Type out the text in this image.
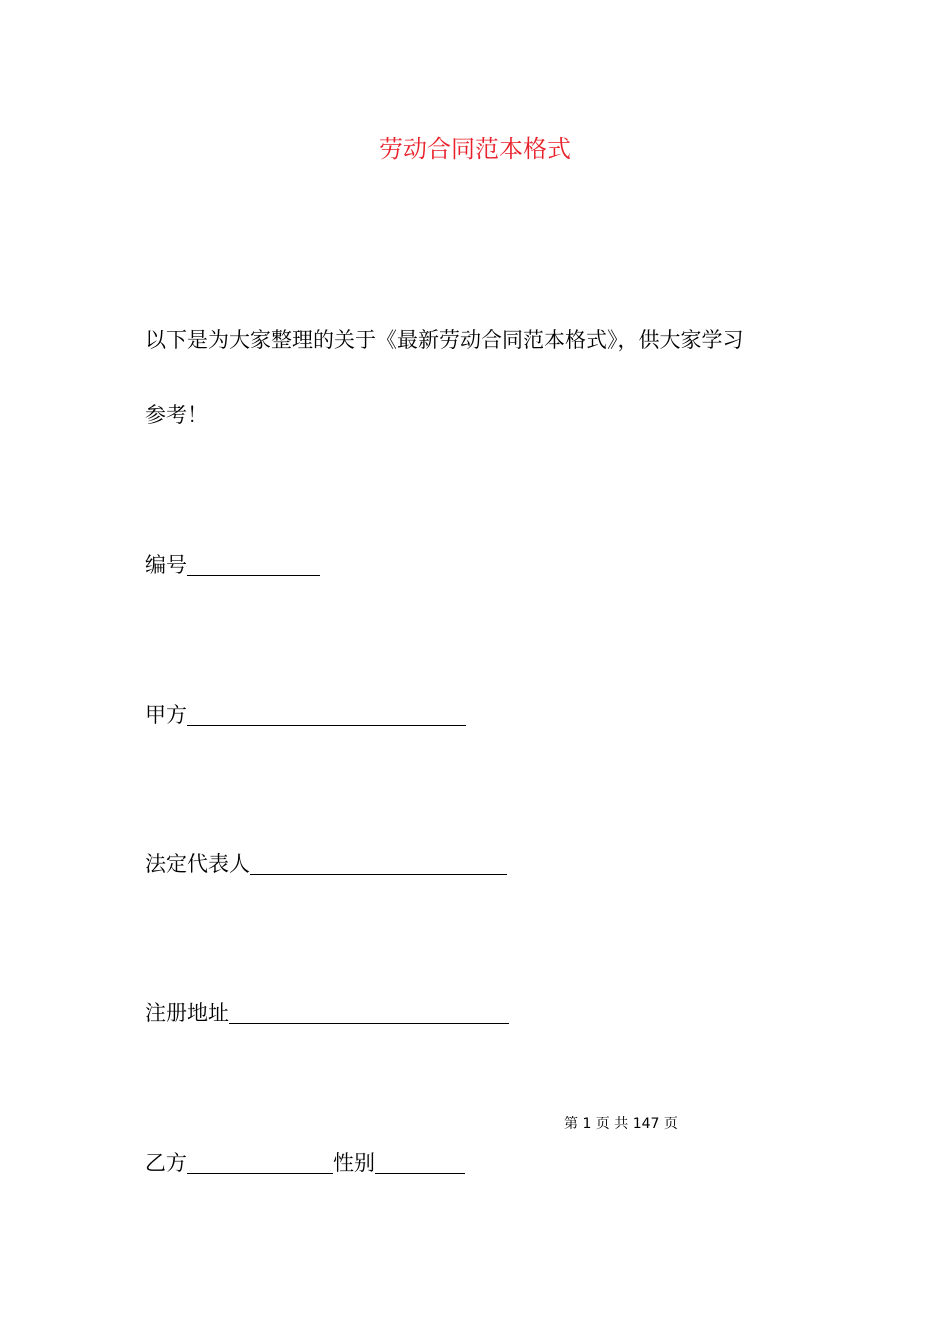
劳动合同范本格式
以下是为大家整理的关于《最新劳动合同范本格式》，供大家学习
参考！
编号
甲方
法定代表人
注册地址
第 1 页 共 147 页
乙方	性别
